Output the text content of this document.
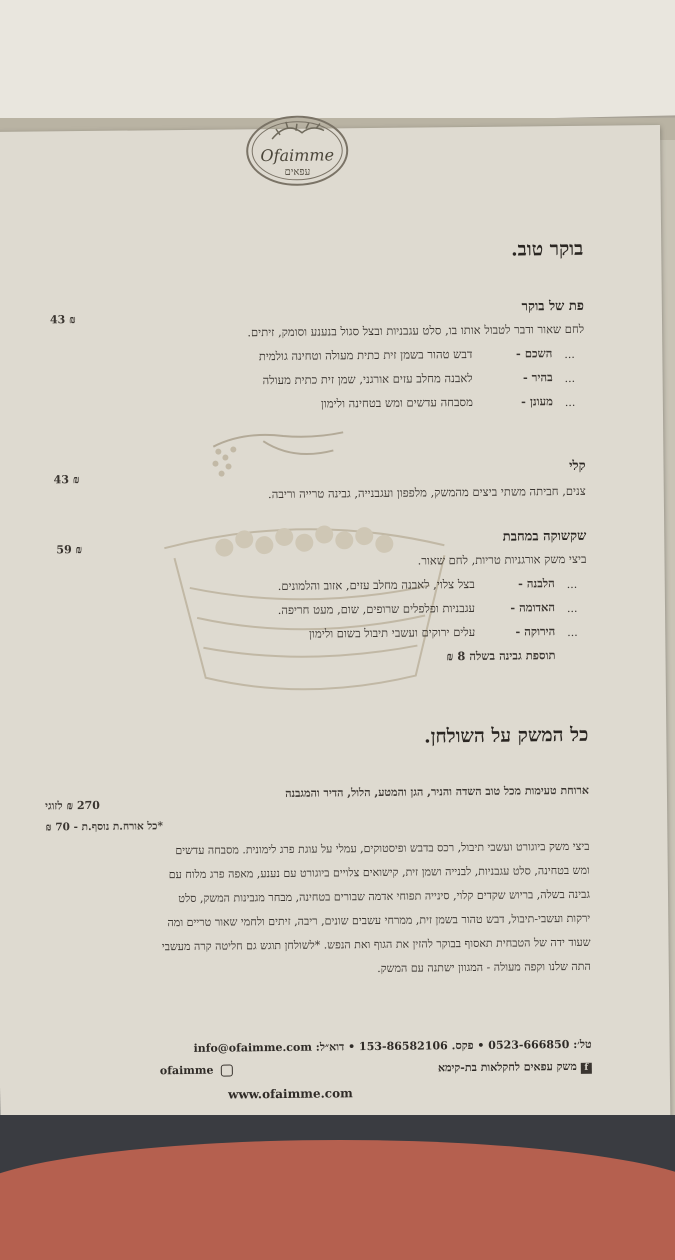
Ofaimme
עפאים
בוקר טוב.
פת של בוקר
43 ₪
לחם שאור ודבר לטבול אותו בו, סלט עגבניות ובצל סגול בנענע וסומק, זיתים.
...
השכם -
דבש טהור בשמן זית כתית מעולה וטחינה גולמית
...
בהיר -
לאבנה מחלב עזים אורגני, שמן זית כתית מעולה
...
מעונן -
מסבחה עדשים ומש בטחינה ולימון
קלי
43 ₪
צנים, חביתה משתי ביצים מהמשק, מלפפון ועגבנייה, גבינה טרייה וריבה.
שקשוקה במחבת
59 ₪
ביצי משק אורגניות טריות, לחם שאור.
...
הלבנה -
בצל צלוי, לאבנה מחלב עזים, אזוב והלמונים.
...
האדומה -
עגבניות ופלפלים שרופים, שום, מעט חריפה.
...
הירוקה -
עלים ירוקים ועשבי תיבול בשום ולימון
תוספת גבינה בשלה 8 ₪
כל המשק על השולחן.
ארוחת טעימות מכל טוב השדה והניר, הגן והמטע, הלול, הדיר והמגבנה
270 ₪ לזוגי
*כל אורח.ת נוסף.ת - 70 ₪
ביצי משק ביוגורט ועשבי תיבול, רכס בדבש ופיסטוקים, עמלי על עוגת פרג לימונית. מסבחה עדשים
ומש בטחינה, סלט עגבניות, לבנייה ושמן זית, קישואים צלויים ביוגורט עם נענע, מאפה פרג מלוח עם
גבינה בשלה, בריוש שקדים קלוי, סינייה תפוחי אדמה שבורים בטחינה, מבחר מגבינות המשק, סלט
ירקות ועשבי-תיבול, דבש טהור בשמן זית, ממרחי עשבים שונים, ריבה, זיתים ולחמי שאור טריים ומה
שעוד ידה של הטבחית תאסוף בבוקר להזין את הגוף ואת הנפש. *לשולחן תוגש גם חליטה קרה מעשבי
התה שלנו וקפה מעולה - המגוון ישתנה עם המשק.
טל׳: 0523-666850 • פקס. 153-86582106 • דוא״ל: info@ofaimme.com
fמשק עפאים לחקלאות בת-קימא
ofaimme
www.ofaimme.com
